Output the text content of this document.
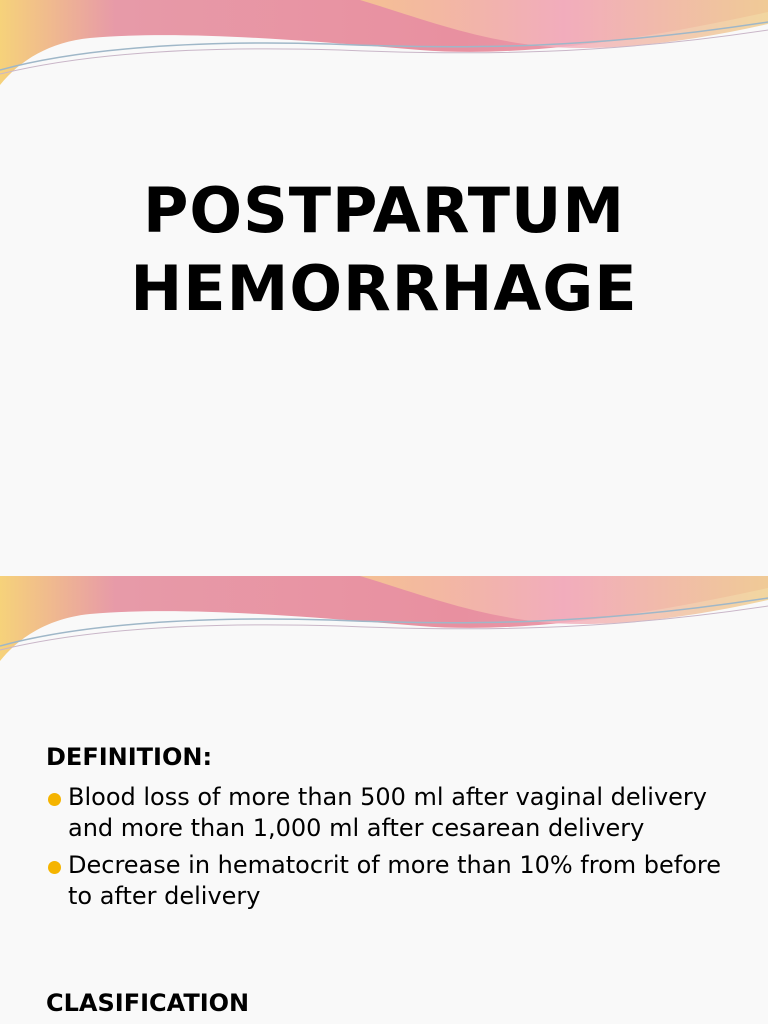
POSTPARTUM
HEMORRHAGE
DEFINITION:
Blood loss of more than 500 ml after vaginal delivery and more than 1,000 ml after cesarean delivery
Decrease in hematocrit of more than 10% from before to after delivery
CLASIFICATION
